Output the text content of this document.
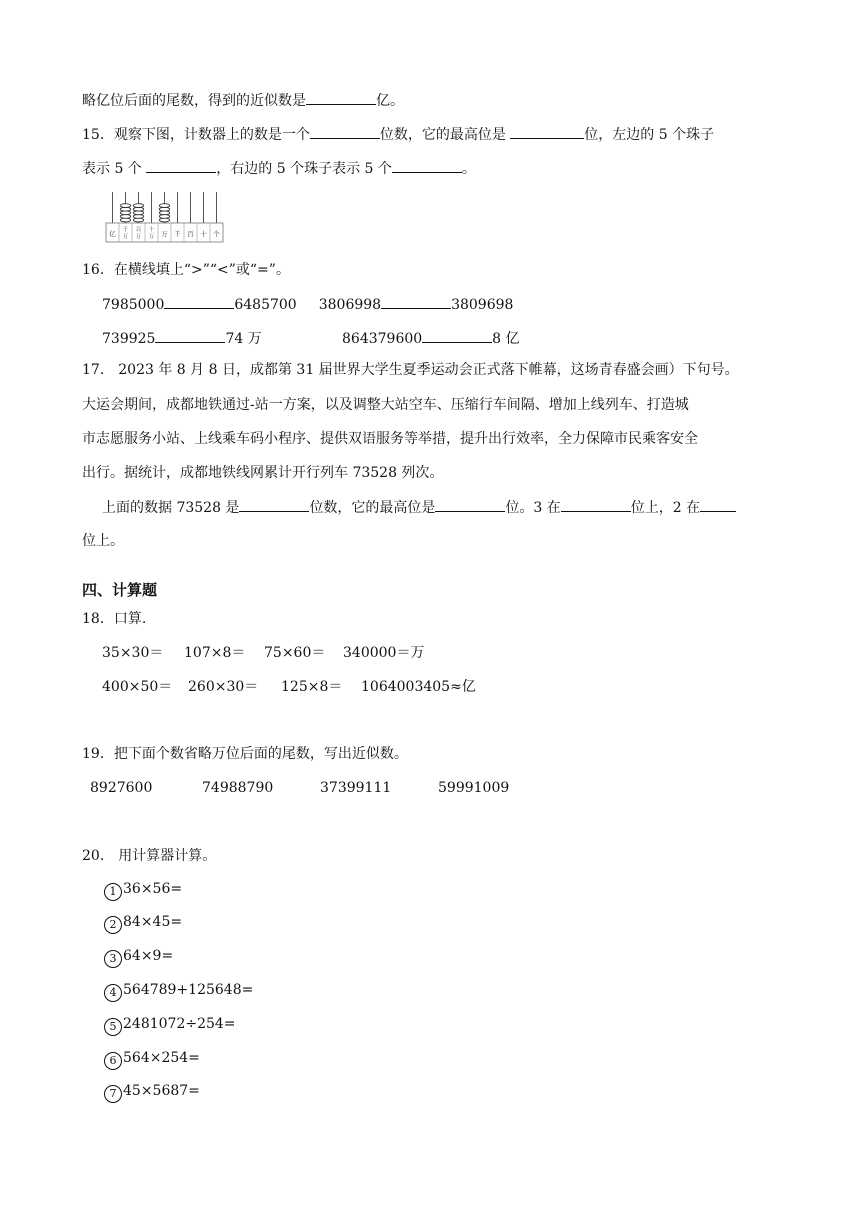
略亿位后面的尾数，得到的近似数是	亿。
15．观察下图，计数器上的数是一个	位数，它的最高位是	位，左边的 5 个珠子
表示 5 个	，右边的 5 个珠子表示 5 个	。
亿 千
万
百
万
十
万 万 千 百 十 个
16．在横线填上“>”“<”或“=”。
7985000	6485700 3806998	3809698
739925	74 万	864379600	8 亿
17． 2023 年 8 月 8 日，成都第 31 届世界大学生夏季运动会正式落下帷幕，这场青春盛会画）下句号。
大运会期间，成都地铁通过-站一方案，以及调整大站空车、压缩行车间隔、增加上线列车、打造城
市志愿服务小站、上线乘车码小程序、提供双语服务等举措，提升出行效率，全力保障市民乘客安全
出行。据统计，成都地铁线网累计开行列车 73528 列次。
上面的数据 73528 是	位数，它的最高位是	位。3 在	位上，2 在
位上。
四、计算题
18．口算.
35×30＝ 107×8＝ 75×60＝ 340000＝万
400×50＝ 260×30＝ 125×8＝ 1064003405≈亿
19．把下面个数省略万位后面的尾数，写出近似数。
8927600	74988790	37399111	59991009
20． 用计算器计算。
1 36×56=
2 84×45=
3 64×9=
4 564789+125648=
5 2481072÷254=
6 564×254=
7 45×5687=
